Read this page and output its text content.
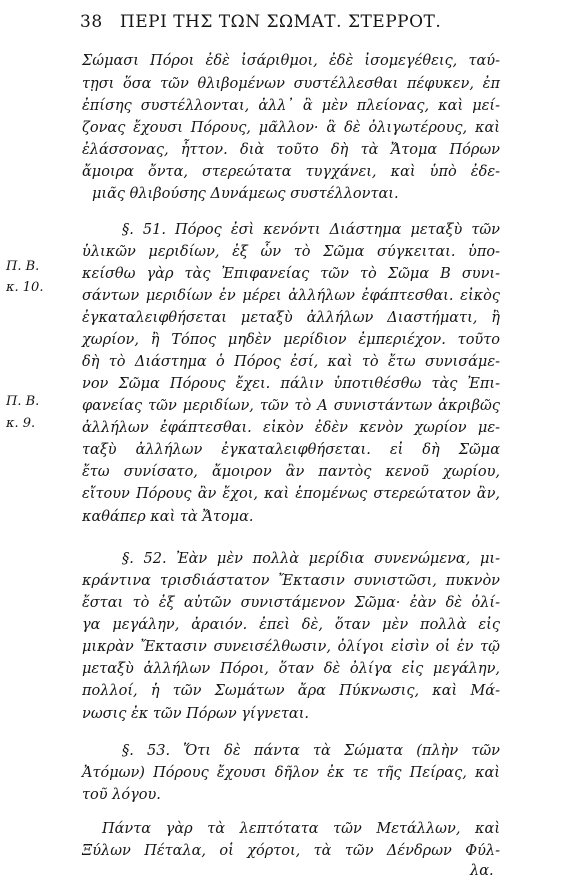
38 ΠΕΡΙ ΤΗΣ ΤΩΝ ΣΩΜΑΤ. ΣΤΕΡΡΟΤ.
Π. Β.
κ. 10.
Π. Β.
κ. 9.
Σώμασι Πόροι ἐδὲ ἰσάριθμοι, ἐδὲ ἰσομεγέθεις, ταύ-
τῃσι ὅσα τῶν θλιβομένων συστέλλεσθαι πέφυκεν, ἐπ
ἐπίσης συστέλλονται, ἀλλ᾽ ἃ μὲν πλείονας, καὶ μεί-
ζονας ἔχουσι Πόρους, μᾶλλον· ἃ δὲ ὀλιγωτέρους, καὶ
ἐλάσσονας, ἧττον. διὰ τοῦτο δὴ τὰ Ἄτομα Πόρων
ἄμοιρα ὄντα, στερεώτατα τυγχάνει, καὶ ὑπὸ ἐδε-
μιᾶς θλιβούσης Δυνάμεως συστέλλονται.
§. 51. Πόρος ἐσὶ κενόντι Διάστημα μεταξὺ τῶν
ὑλικῶν μεριδίων, ἐξ ὧν τὸ Σῶμα σύγκειται. ὑπο-
κείσθω γὰρ τὰς Ἐπιφανείας τῶν τὸ Σῶμα Β συνι-
σάντων μεριδίων ἐν μέρει ἀλλήλων ἐφάπτεσθαι. εἰκὸς
ἐγκαταλειφθήσεται μεταξὺ ἀλλήλων Διαστήματι, ἢ
χωρίον, ἢ Τόπος μηδὲν μερίδιον ἐμπεριέχον. τοῦτο
δὴ τὸ Διάστημα ὁ Πόρος ἐσί, καὶ τὸ ἔτω συνισάμε-
νον Σῶμα Πόρους ἔχει. πάλιν ὑποτιθέσθω τὰς Ἐπι-
φανείας τῶν μεριδίων, τῶν τὸ Α συνιστάντων ἀκριβῶς
ἀλλήλων ἐφάπτεσθαι. εἰκὸν ἐδὲν κενὸν χωρίον με-
ταξὺ ἀλλήλων ἐγκαταλειφθήσεται. εἰ δὴ Σῶμα
ἔτω συνίσατο, ἄμοιρον ἂν παντὸς κενοῦ χωρίου,
εἴτουν Πόρους ἂν ἔχοι, καὶ ἑπομένως στερεώτατον ἂν,
καθάπερ καὶ τὰ Ἄτομα.
§. 52. Ἐὰν μὲν πολλὰ μερίδια συνενώμενα, μι-
κράντινα τρισδιάστατον Ἔκτασιν συνιστῶσι, πυκνὸν
ἔσται τὸ ἐξ αὐτῶν συνιστάμενον Σῶμα· ἐὰν δὲ ὀλί-
γα μεγάλην, ἀραιόν. ἐπεὶ δὲ, ὅταν μὲν πολλὰ εἰς
μικρὰν Ἔκτασιν συνεισέλθωσιν, ὀλίγοι εἰσὶν οἱ ἐν τῷ
μεταξὺ ἀλλήλων Πόροι, ὅταν δὲ ὀλίγα εἰς μεγάλην,
πολλοί, ἡ τῶν Σωμάτων ἄρα Πύκνωσις, καὶ Μά-
νωσις ἐκ τῶν Πόρων γίγνεται.
§. 53. Ὅτι δὲ πάντα τὰ Σώματα (πλὴν τῶν
Ἀτόμων) Πόρους ἔχουσι δῆλον ἐκ τε τῆς Πείρας, καὶ
τοῦ λόγου.
Πάντα γὰρ τὰ λεπτότατα τῶν Μετάλλων, καὶ
Ξύλων Πέταλα, οἱ χόρτοι, τὰ τῶν Δένδρων Φύλ-
λα.
